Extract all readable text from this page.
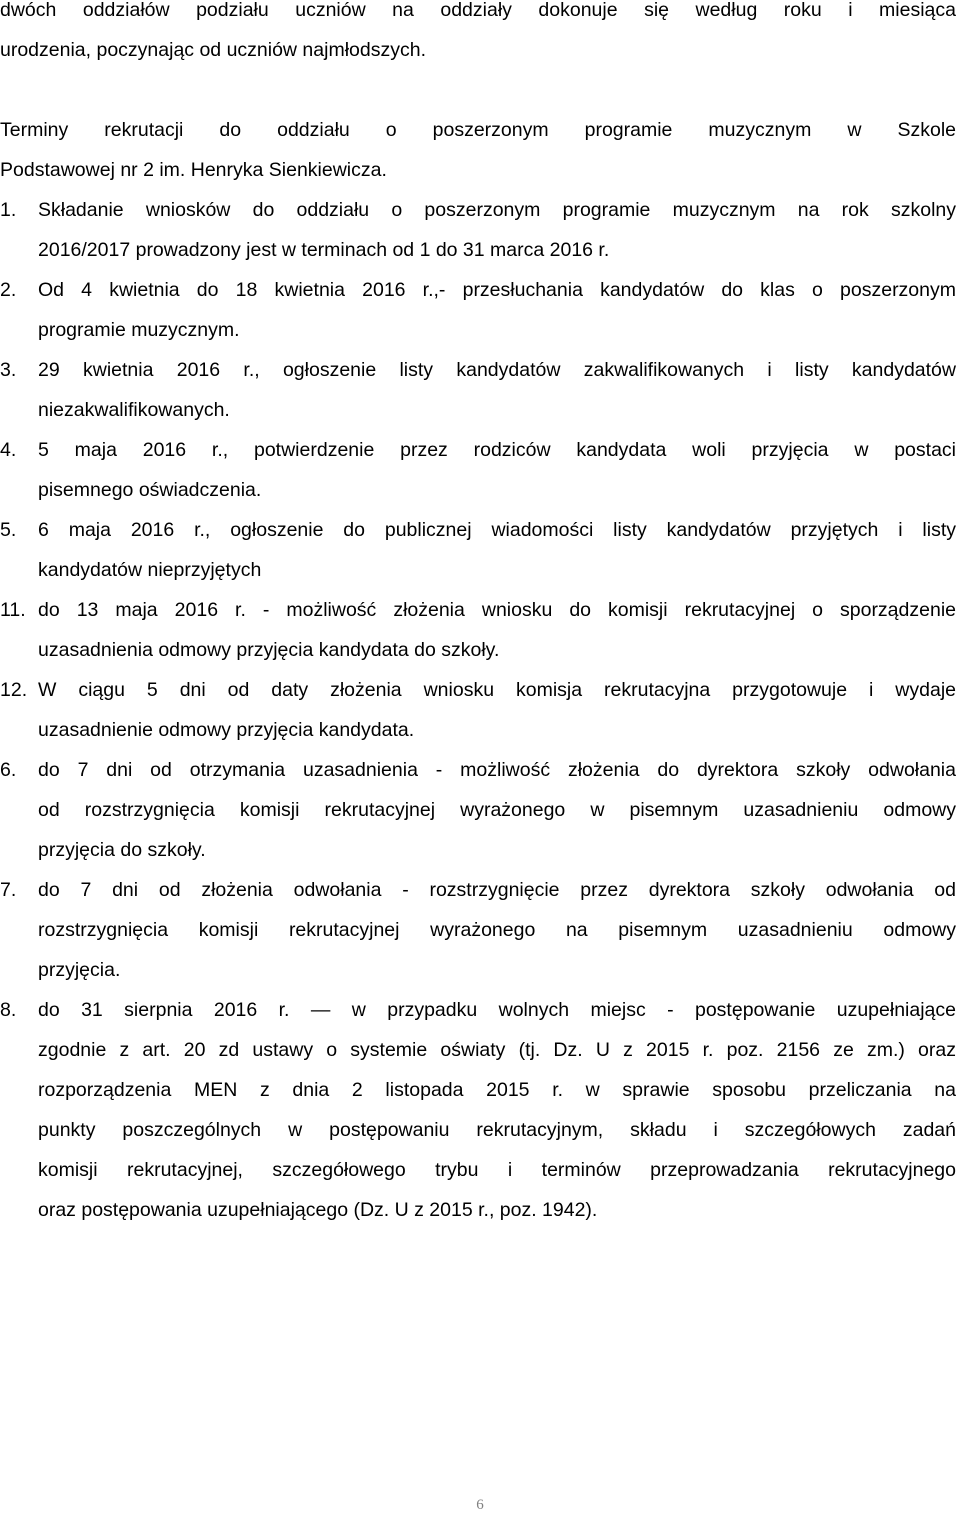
dwóch oddziałów podziału uczniów na oddziały dokonuje się według roku i miesiąca
urodzenia, poczynając od uczniów najmłodszych.
Terminy rekrutacji do oddziału o poszerzonym programie muzycznym w Szkole
Podstawowej nr 2 im. Henryka Sienkiewicza.
1. Składanie wniosków do oddziału o poszerzonym programie muzycznym na rok szkolny
2016/2017 prowadzony jest w terminach od 1 do 31 marca 2016 r.
2. Od 4 kwietnia do 18 kwietnia 2016 r.,- przesłuchania kandydatów do klas o poszerzonym
programie muzycznym.
3. 29 kwietnia 2016 r., ogłoszenie listy kandydatów zakwalifikowanych i listy kandydatów
niezakwalifikowanych.
4. 5 maja 2016 r., potwierdzenie przez rodziców kandydata woli przyjęcia w postaci
pisemnego oświadczenia.
5. 6 maja 2016 r., ogłoszenie do publicznej wiadomości listy kandydatów przyjętych i listy
kandydatów nieprzyjętych
11. do 13 maja 2016 r. - możliwość złożenia wniosku do komisji rekrutacyjnej o sporządzenie
uzasadnienia odmowy przyjęcia kandydata do szkoły.
12. W ciągu 5 dni od daty złożenia wniosku komisja rekrutacyjna przygotowuje i wydaje
uzasadnienie odmowy przyjęcia kandydata.
6. do 7 dni od otrzymania uzasadnienia - możliwość złożenia do dyrektora szkoły odwołania
od rozstrzygnięcia komisji rekrutacyjnej wyrażonego w pisemnym uzasadnieniu odmowy
przyjęcia do szkoły.
7. do 7 dni od złożenia odwołania - rozstrzygnięcie przez dyrektora szkoły odwołania od
rozstrzygnięcia komisji rekrutacyjnej wyrażonego na pisemnym uzasadnieniu odmowy
przyjęcia.
8. do 31 sierpnia 2016 r. — w przypadku wolnych miejsc - postępowanie uzupełniające
zgodnie z art. 20 zd ustawy o systemie oświaty (tj. Dz. U z 2015 r. poz. 2156 ze zm.) oraz
rozporządzenia MEN z dnia 2 listopada 2015 r. w sprawie sposobu przeliczania na
punkty poszczególnych w postępowaniu rekrutacyjnym, składu i szczegółowych zadań
komisji rekrutacyjnej, szczegółowego trybu i terminów przeprowadzania rekrutacyjnego
oraz postępowania uzupełniającego (Dz. U z 2015 r., poz. 1942).
6
